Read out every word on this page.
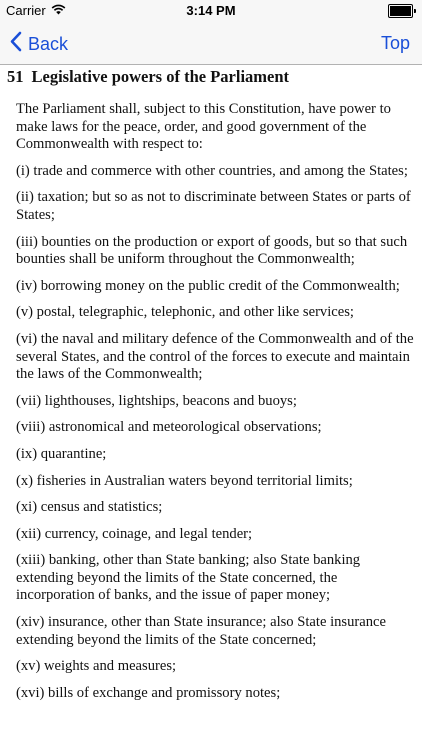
Carrier	3:14 PM
Back	Top
51 Legislative powers of the Parliament

The Parliament shall, subject to this Constitution, have power to make laws for the peace, order, and good government of the Commonwealth with respect to:

(i) trade and commerce with other countries, and among the States;

(ii) taxation; but so as not to discriminate between States or parts of States;

(iii) bounties on the production or export of goods, but so that such bounties shall be uniform throughout the Commonwealth;

(iv) borrowing money on the public credit of the Commonwealth;

(v) postal, telegraphic, telephonic, and other like services;

(vi) the naval and military defence of the Commonwealth and of the several States, and the control of the forces to execute and maintain the laws of the Commonwealth;

(vii) lighthouses, lightships, beacons and buoys;

(viii) astronomical and meteorological observations;

(ix) quarantine;

(x) fisheries in Australian waters beyond territorial limits;

(xi) census and statistics;

(xii) currency, coinage, and legal tender;

(xiii) banking, other than State banking; also State banking extending beyond the limits of the State concerned, the incorporation of banks, and the issue of paper money;

(xiv) insurance, other than State insurance; also State insurance extending beyond the limits of the State concerned;

(xv) weights and measures;

(xvi) bills of exchange and promissory notes;
